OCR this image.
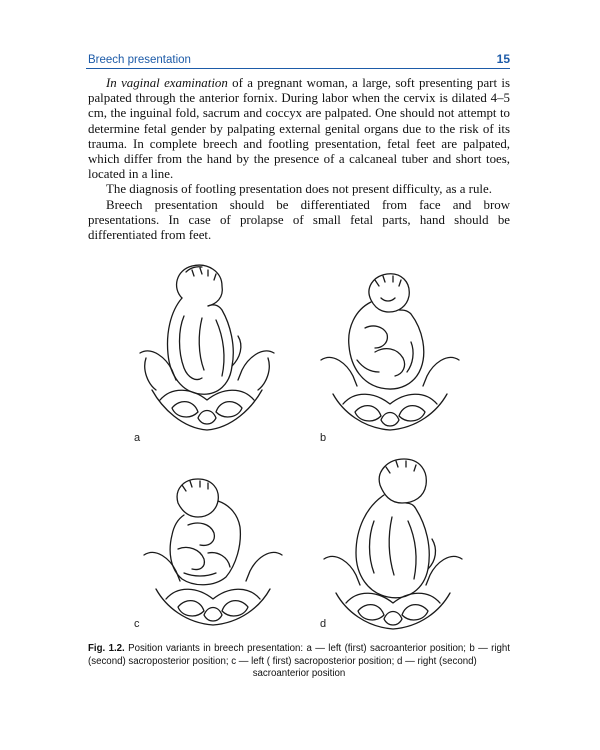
Breech presentation	15

In vaginal examination of a pregnant woman, a large, soft presenting part is palpated through the anterior fornix. During labor when the cervix is dilated 4–5 cm, the inguinal fold, sacrum and coccyx are palpated. One should not attempt to determine fetal gender by palpating external genital organs due to the risk of its trauma. In complete breech and footling presentation, fetal feet are palpated, which differ from the hand by the presence of a calcaneal tuber and short toes, located in a line.

The diagnosis of footling presentation does not present difficulty, as a rule.

Breech presentation should be differentiated from face and brow presentations. In case of prolapse of small fetal parts, hand should be differentiated from feet.

a	b
c	d
Fig. 1.2. Position variants in breech presentation: a — left (first) sacroanterior position; b — right (second) sacroposterior position; c — left ( first) sacroposterior position; d — right (second)
sacroanterior position
